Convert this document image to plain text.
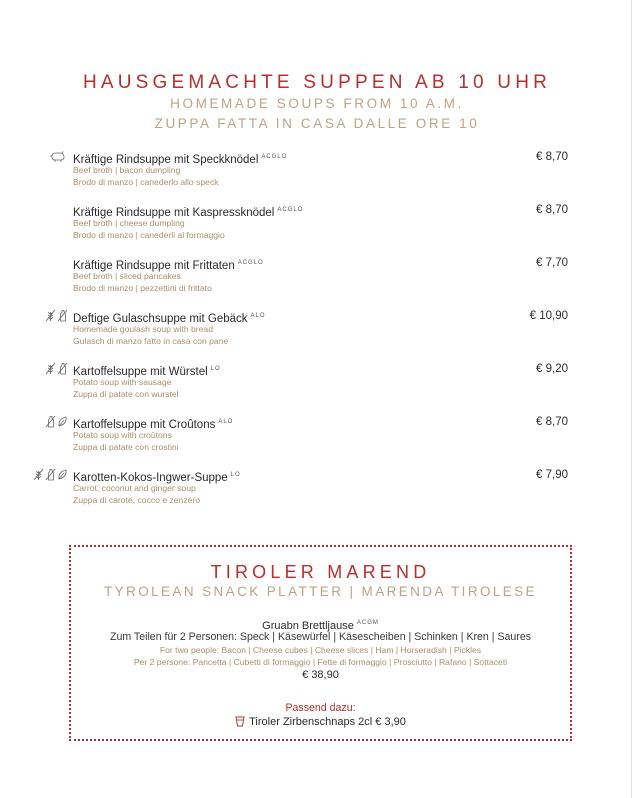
HAUSGEMACHTE SUPPEN AB 10 UHR
HOMEMADE SOUPS FROM 10 A.M.
ZUPPA FATTA IN CASA DALLE ORE 10
Kräftige Rindsuppe mit Speckknödel $^{ACGLO}$
Beef broth | bacon dumpling
Brodo di manzo | canederlo allo speck
€ 8,70
Kräftige Rindsuppe mit Kaspressknödel $^{ACGLO}$
Beef broth | cheese dumpling
Brodo di manzo | canederli al formaggio
€ 8,70
Kräftige Rindsuppe mit Frittaten $^{ACGLO}$
Beef broth | sliced pancakes
Brodo di manzo | pezzettini di frittato
€ 7,70
Deftige Gulaschsuppe mit Gebäck $^{ALO}$
Homemade goulash soup with bread
Gulasch di manzo fatto in casa con pane
€ 10,90
Kartoffelsuppe mit Würstel $^{LO}$
Potato soup with sausage
Zuppa di patate con wurstel
€ 9,20
Kartoffelsuppe mit Croûtons $^{ALO}$
Potato soup with croûtons
Zuppa di patate con crostini
€ 8,70
Karotten-Kokos-Ingwer-Suppe $^{LO}$
Carrot, coconut and ginger soup
Zuppa di carote, cocco e zenzero
€ 7,90
TIROLER MAREND
TYROLEAN SNACK PLATTER | MARENDA TIROLESE
Gruabn Brettljause $^{ACGM}$
Zum Teilen für 2 Personen: Speck | Käsewürfel | Käsescheiben | Schinken | Kren | Saures
For two people: Bacon | Cheese cubes | Cheese slices | Ham | Horseradish | Pickles
Per 2 persone: Pancetta | Cubetti di formaggio | Fette di formaggio | Prosciutto | Rafano | Sottaceti
€ 38,90
Passend dazu:
Tiroler Zirbenschnaps 2cl € 3,90
